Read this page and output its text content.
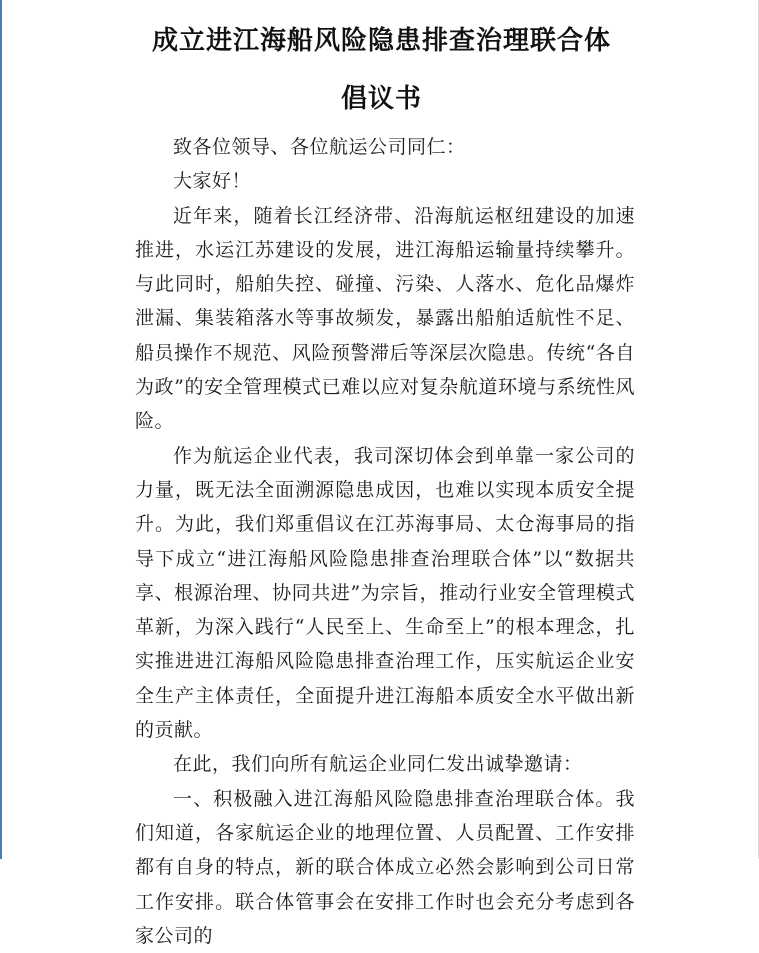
成立进江海船风险隐患排查治理联合体
倡议书

致各位领导、各位航运公司同仁：

大家好！

近年来，随着长江经济带、沿海航运枢纽建设的加速推进，水运江苏建设的发展，进江海船运输量持续攀升。与此同时，船舶失控、碰撞、污染、人落水、危化品爆炸泄漏、集装箱落水等事故频发，暴露出船舶适航性不足、船员操作不规范、风险预警滞后等深层次隐患。传统“各自为政”的安全管理模式已难以应对复杂航道环境与系统性风险。

作为航运企业代表，我司深切体会到单靠一家公司的力量，既无法全面溯源隐患成因，也难以实现本质安全提升。为此，我们郑重倡议在江苏海事局、太仓海事局的指导下成立“进江海船风险隐患排查治理联合体”以“数据共享、根源治理、协同共进”为宗旨，推动行业安全管理模式革新，为深入践行“人民至上、生命至上”的根本理念，扎实推进进江海船风险隐患排查治理工作，压实航运企业安全生产主体责任，全面提升进江海船本质安全水平做出新的贡献。

在此，我们向所有航运企业同仁发出诚挚邀请：

一、积极融入进江海船风险隐患排查治理联合体。我们知道，各家航运企业的地理位置、人员配置、工作安排都有自身的特点，新的联合体成立必然会影响到公司日常工作安排。联合体管事会在安排工作时也会充分考虑到各家公司的
